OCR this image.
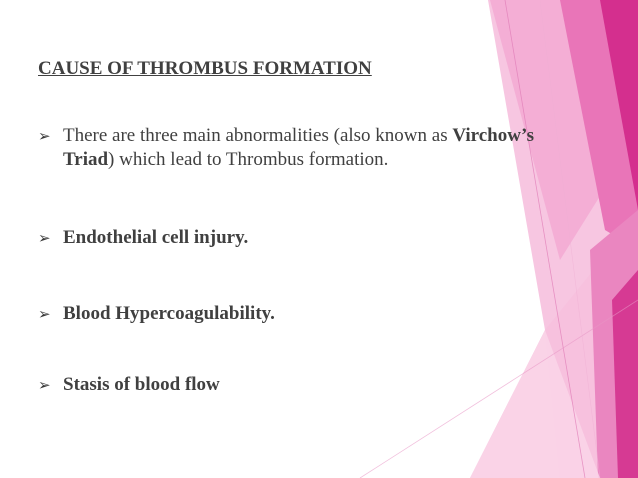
CAUSE OF THROMBUS FORMATION
➢ There are three main abnormalities (also known as Virchow’s Triad) which lead to Thrombus formation.
➢ Endothelial cell injury.
➢ Blood Hypercoagulability.
➢ Stasis of blood flow
